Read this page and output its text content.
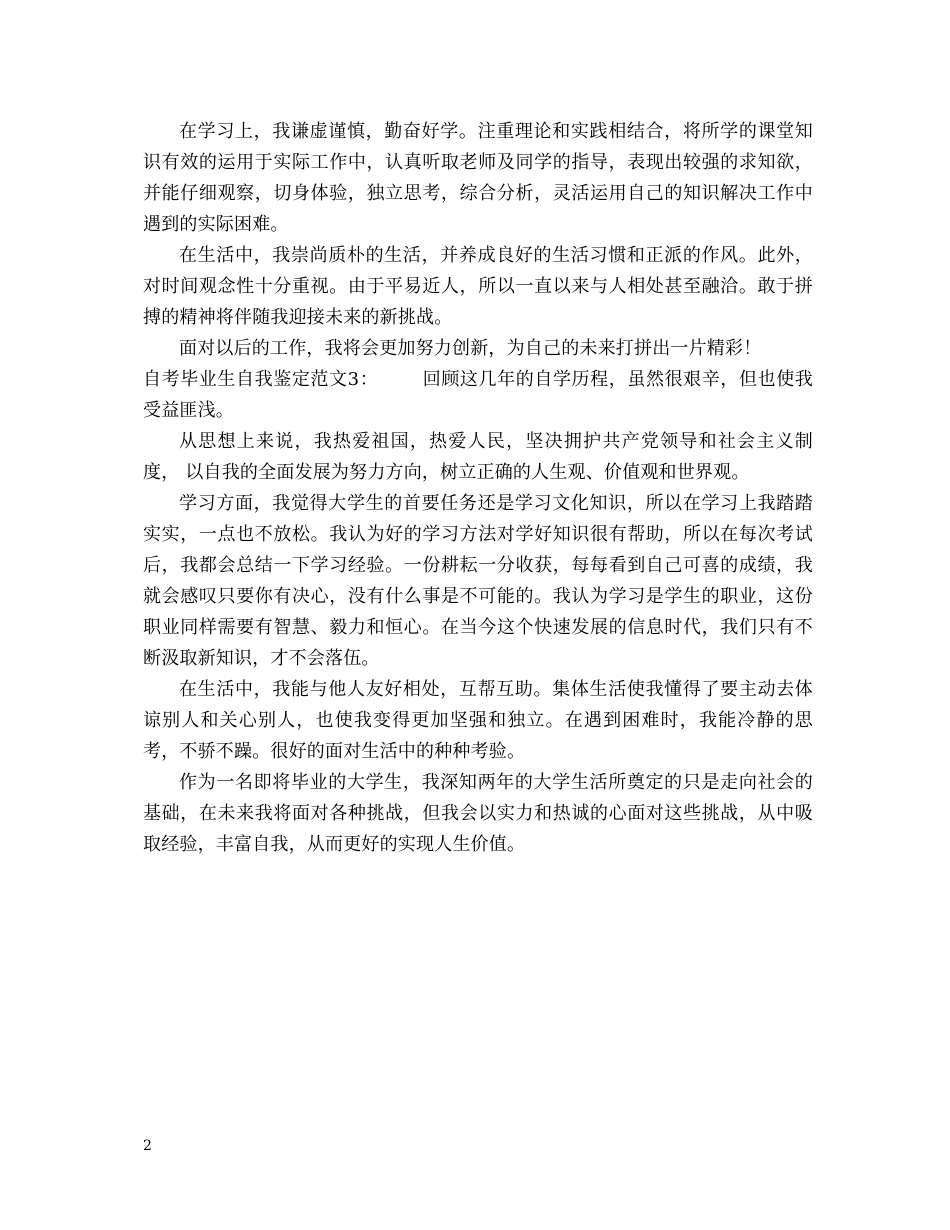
在学习上，我谦虚谨慎，勤奋好学。注重理论和实践相结合，将所学的课堂知识有效的运用于实际工作中，认真听取老师及同学的指导，表现出较强的求知欲，并能仔细观察，切身体验，独立思考，综合分析，灵活运用自己的知识解决工作中遇到的实际困难。

在生活中，我崇尚质朴的生活，并养成良好的生活习惯和正派的作风。此外，对时间观念性十分重视。由于平易近人，所以一直以来与人相处甚至融洽。敢于拼搏的精神将伴随我迎接未来的新挑战。

面对以后的工作，我将会更加努力创新，为自己的未来打拼出一片精彩！

自考毕业生自我鉴定范文3： 回顾这几年的自学历程，虽然很艰辛，但也使我受益匪浅。

从思想上来说，我热爱祖国，热爱人民，坚决拥护共产党领导和社会主义制度， 以自我的全面发展为努力方向，树立正确的人生观、价值观和世界观。

学习方面，我觉得大学生的首要任务还是学习文化知识，所以在学习上我踏踏实实，一点也不放松。我认为好的学习方法对学好知识很有帮助，所以在每次考试后，我都会总结一下学习经验。一份耕耘一分收获，每每看到自己可喜的成绩，我就会感叹只要你有决心，没有什么事是不可能的。我认为学习是学生的职业，这份职业同样需要有智慧、毅力和恒心。在当今这个快速发展的信息时代，我们只有不断汲取新知识，才不会落伍。

在生活中，我能与他人友好相处，互帮互助。集体生活使我懂得了要主动去体谅别人和关心别人，也使我变得更加坚强和独立。在遇到困难时，我能冷静的思考，不骄不躁。很好的面对生活中的种种考验。

作为一名即将毕业的大学生，我深知两年的大学生活所奠定的只是走向社会的基础，在未来我将面对各种挑战，但我会以实力和热诚的心面对这些挑战，从中吸取经验，丰富自我，从而更好的实现人生价值。

2
